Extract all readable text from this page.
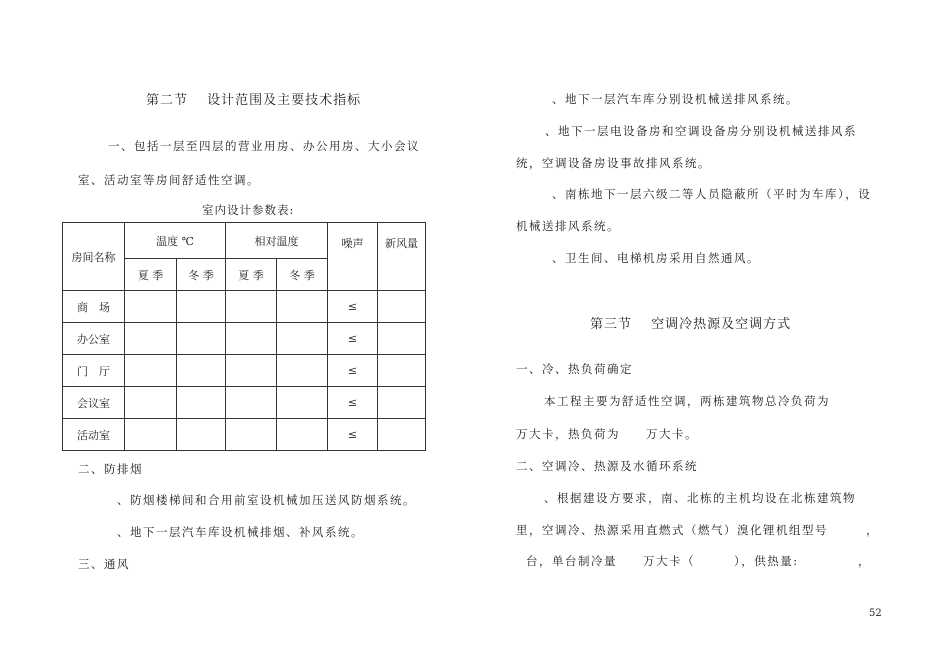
第二节　 设计范围及主要技术指标
一、包括一层至四层的营业用房、办公用房、大小会议
室、活动室等房间舒适性空调。
室内设计参数表:
房间名称	温度 ℃		相对温度		噪声	新风量
	夏 季	冬 季	夏 季	冬 季		
商　场					≤	
办公室					≤	
门　厅					≤	
会议室					≤	
活动室					≤	
二、防排烟
、防烟楼梯间和合用前室设机械加压送风防烟系统。
、地下一层汽车库设机械排烟、补风系统。
三、通风
、地下一层汽车库分别设机械送排风系统。
、地下一层电设备房和空调设备房分别设机械送排风系
统，空调设备房设事故排风系统。
、南栋地下一层六级二等人员隐蔽所（平时为车库），设
机械送排风系统。
、卫生间、电梯机房采用自然通风。
第三节　 空调冷热源及空调方式
一、冷、热负荷确定
本工程主要为舒适性空调，两栋建筑物总冷负荷为
万大卡，热负荷为　　万大卡。
二、空调冷、热源及水循环系统
、根据建设方要求，南、北栋的主机均设在北栋建筑物
里，空调冷、热源采用直燃式（燃气）溴化锂机组型号	，
台，单台制冷量　　万大卡（　　　），供热量:	，
52
